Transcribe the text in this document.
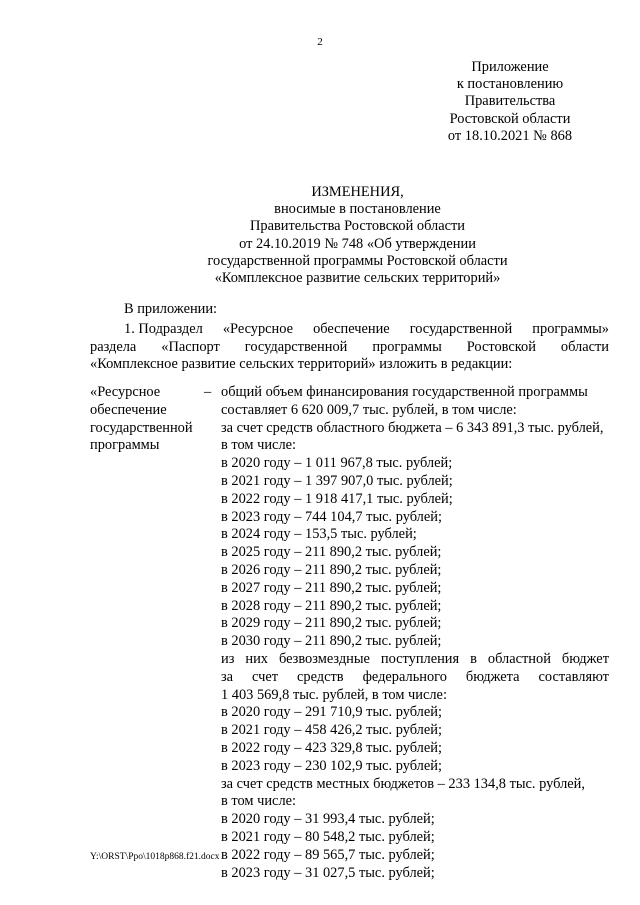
2
Приложение
к постановлению
Правительства
Ростовской области
от 18.10.2021 № 868
ИЗМЕНЕНИЯ,
вносимые в постановление
Правительства Ростовской области
от 24.10.2019 № 748 «Об утверждении
государственной программы Ростовской области
«Комплексное развитие сельских территорий»
В приложении:
1. Подраздел «Ресурсное обеспечение государственной программы»
раздела «Паспорт государственной программы Ростовской области
«Комплексное развитие сельских территорий» изложить в редакции:
«Ресурсное
обеспечение
государственной
программы
– общий объем финансирования государственной программы
составляет 6 620 009,7 тыс. рублей, в том числе:
за счет средств областного бюджета – 6 343 891,3 тыс. рублей,
в том числе:
в 2020 году – 1 011 967,8 тыс. рублей;
в 2021 году – 1 397 907,0 тыс. рублей;
в 2022 году – 1 918 417,1 тыс. рублей;
в 2023 году – 744 104,7 тыс. рублей;
в 2024 году – 153,5 тыс. рублей;
в 2025 году – 211 890,2 тыс. рублей;
в 2026 году – 211 890,2 тыс. рублей;
в 2027 году – 211 890,2 тыс. рублей;
в 2028 году – 211 890,2 тыс. рублей;
в 2029 году – 211 890,2 тыс. рублей;
в 2030 году – 211 890,2 тыс. рублей;
из них безвозмездные поступления в областной бюджет
за счет средств федерального бюджета составляют
1 403 569,8 тыс. рублей, в том числе:
в 2020 году – 291 710,9 тыс. рублей;
в 2021 году – 458 426,2 тыс. рублей;
в 2022 году – 423 329,8 тыс. рублей;
в 2023 году – 230 102,9 тыс. рублей;
за счет средств местных бюджетов – 233 134,8 тыс. рублей,
в том числе:
в 2020 году – 31 993,4 тыс. рублей;
в 2021 году – 80 548,2 тыс. рублей;
в 2022 году – 89 565,7 тыс. рублей;
в 2023 году – 31 027,5 тыс. рублей;
Y:\ORST\Ppo\1018p868.f21.docx
